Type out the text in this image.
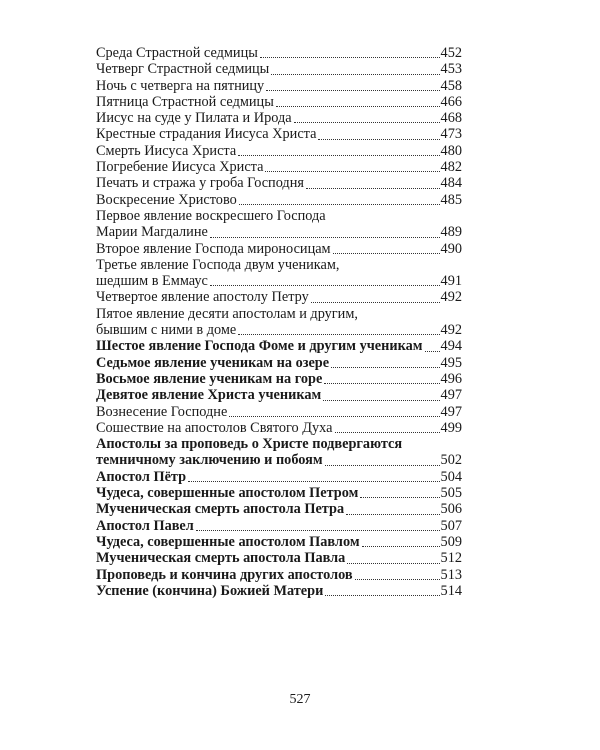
Среда Страстной седмицы	452
Четверг Страстной седмицы	453
Ночь с четверга на пятницу	458
Пятница Страстной седмицы	466
Иисус на суде у Пилата и Ирода	468
Крестные страдания Иисуса Христа	473
Смерть Иисуса Христа	480
Погребение Иисуса Христа	482
Печать и стража у гроба Господня	484
Воскресение Христово	485
Первое явление воскресшего Господа
Марии Магдалине	489
Второе явление Господа мироносицам	490
Третье явление Господа двум ученикам,
шедшим в Еммаус	491
Четвертое явление апостолу Петру	492
Пятое явление десяти апостолам и другим,
бывшим с ними в доме	492
Шестое явление Господа Фоме и другим ученикам 494
Седьмое явление ученикам на озере	495
Восьмое явление ученикам на горе	496
Девятое явление Христа ученикам	497
Вознесение Господне	497
Сошествие на апостолов Святого Духа	499
Апостолы за проповедь о Христе подвергаются
темничному заключению и побоям	502
Апостол Пётр	504
Чудеса, совершенные апостолом Петром	505
Мученическая смерть апостола Петра	506
Апостол Павел	507
Чудеса, совершенные апостолом Павлом	509
Мученическая смерть апостола Павла	512
Проповедь и кончина других апостолов	513
Успение (кончина) Божией Матери	514
527
